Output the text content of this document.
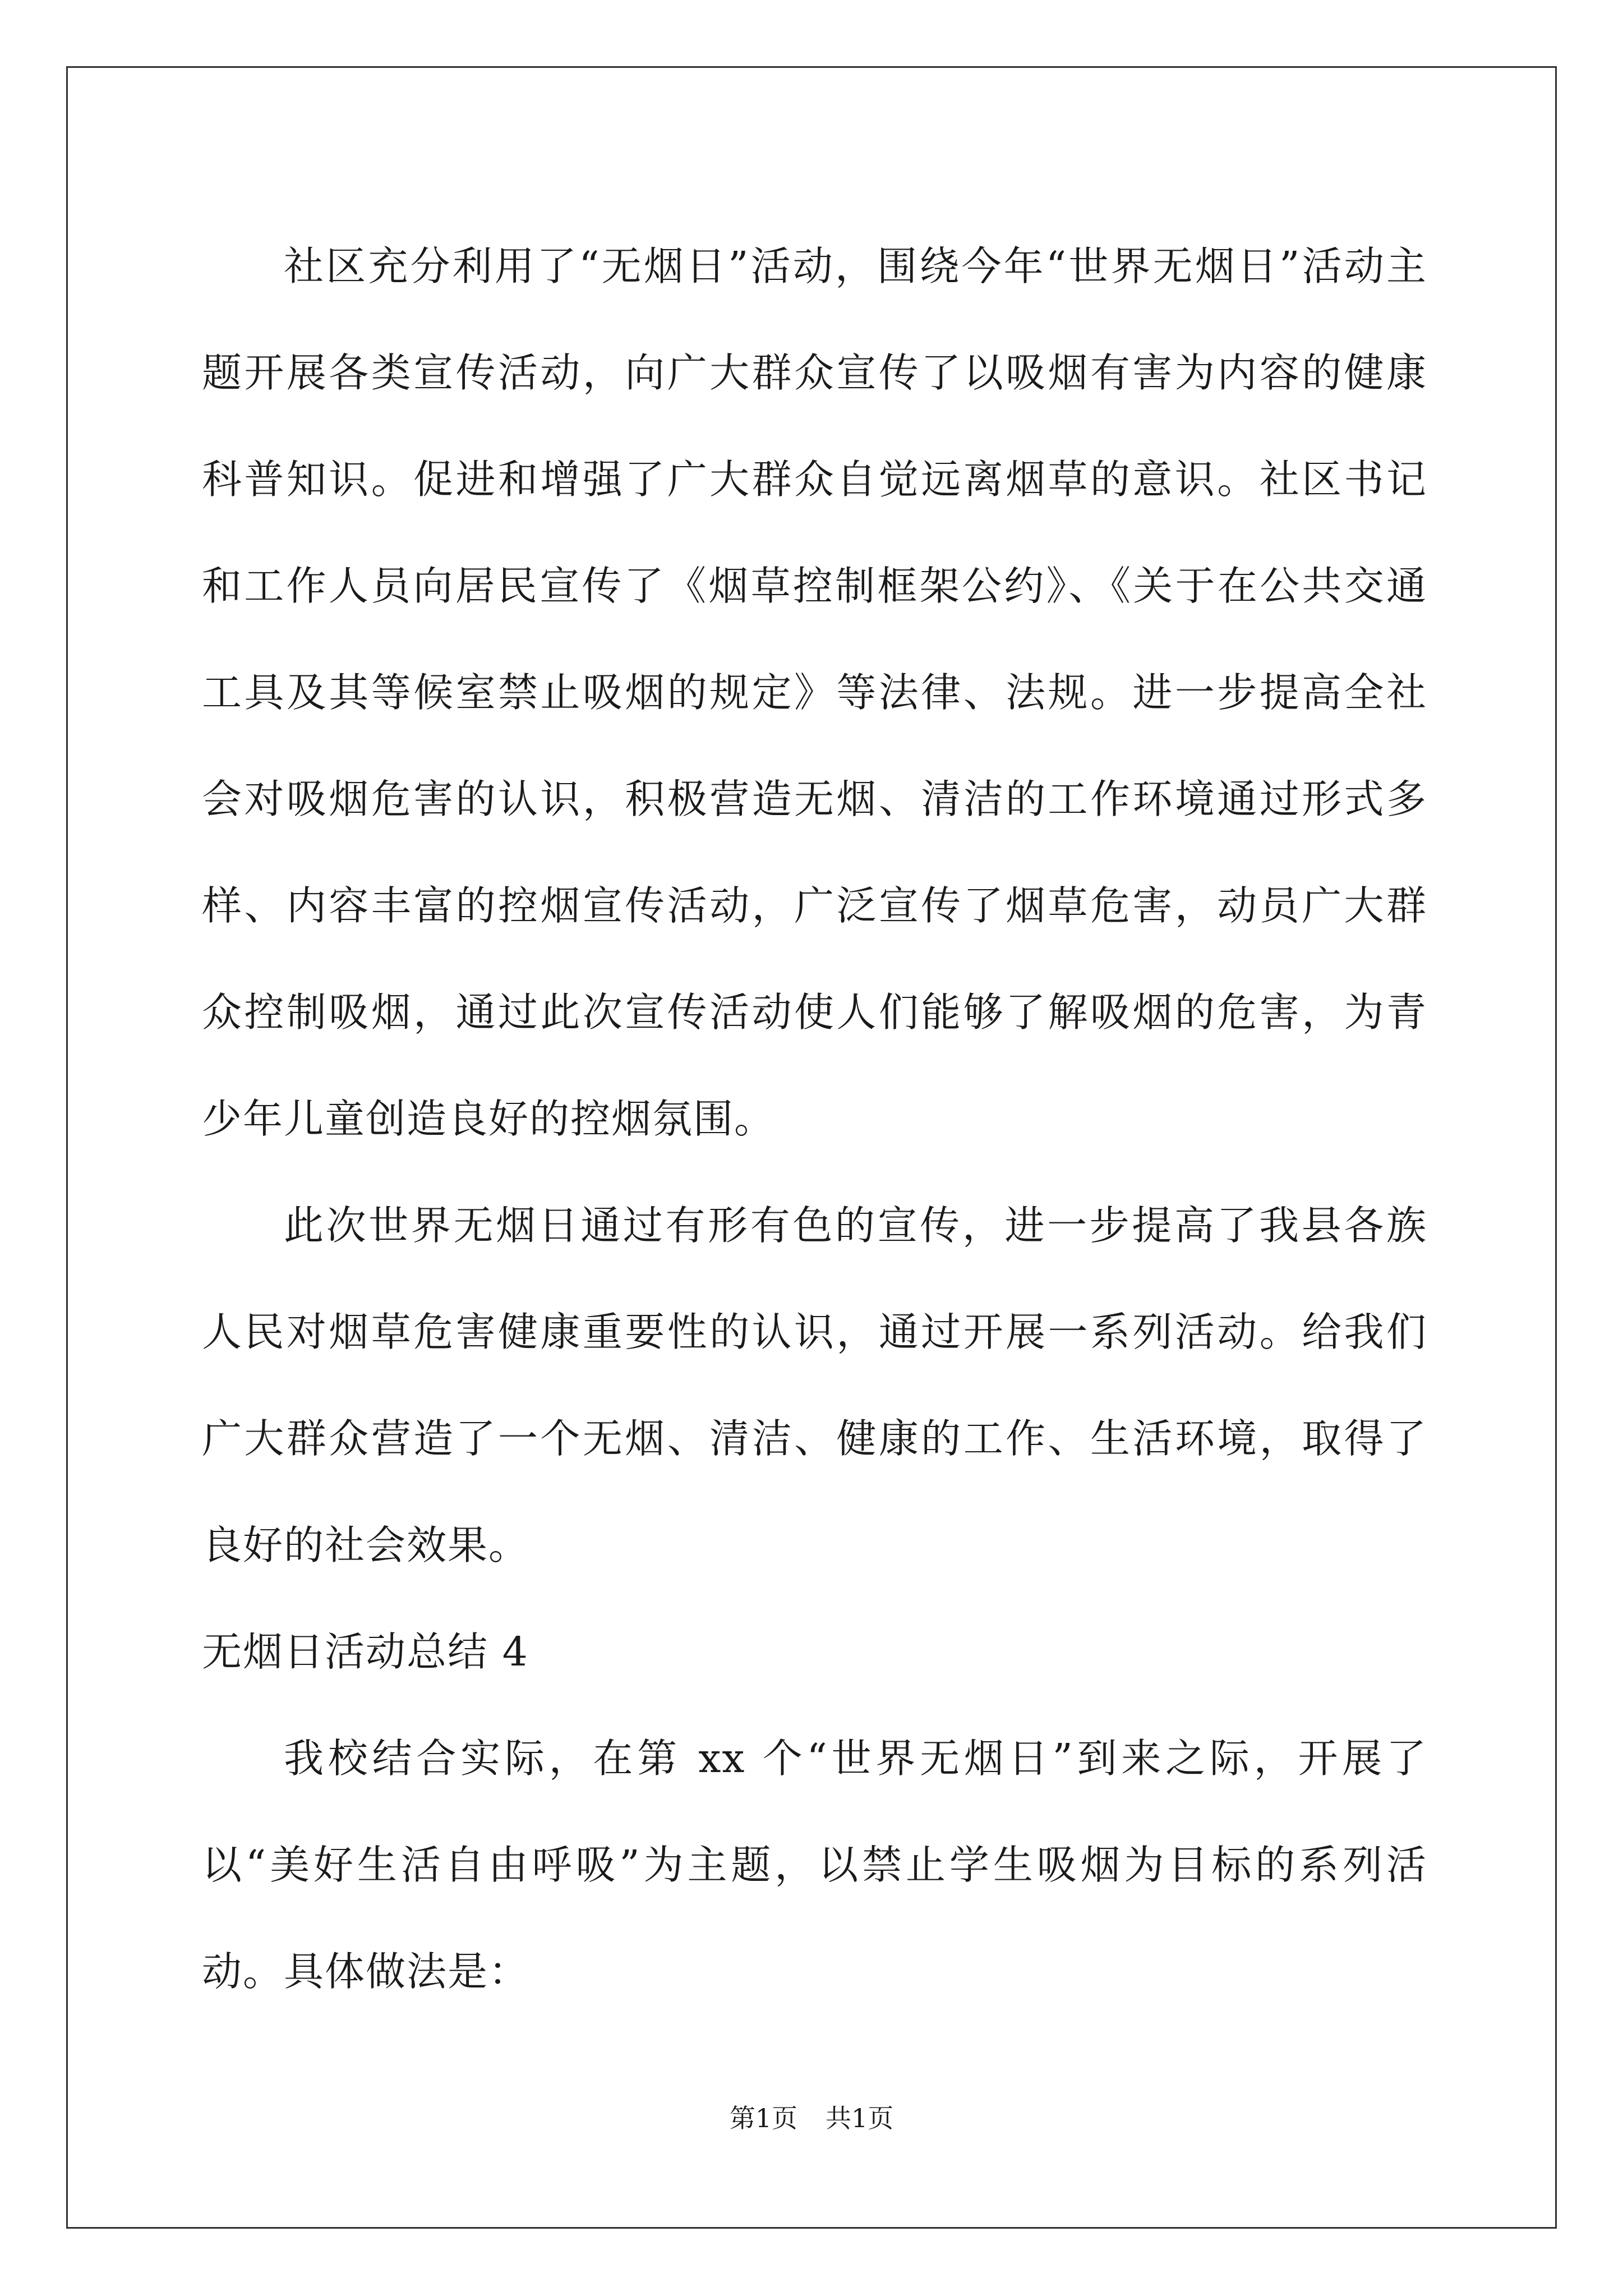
社区充分利用了“无烟日”活动，围绕今年“世界无烟日”活动主题开展各类宣传活动，向广大群众宣传了以吸烟有害为内容的健康科普知识。促进和增强了广大群众自觉远离烟草的意识。社区书记和工作人员向居民宣传了《烟草控制框架公约》、《关于在公共交通工具及其等候室禁止吸烟的规定》等法律、法规。进一步提高全社会对吸烟危害的认识，积极营造无烟、清洁的工作环境通过形式多样、内容丰富的控烟宣传活动，广泛宣传了烟草危害，动员广大群众控制吸烟，通过此次宣传活动使人们能够了解吸烟的危害，为青少年儿童创造良好的控烟氛围。

此次世界无烟日通过有形有色的宣传，进一步提高了我县各族人民对烟草危害健康重要性的认识，通过开展一系列活动。给我们广大群众营造了一个无烟、清洁、健康的工作、生活环境，取得了良好的社会效果。

无烟日活动总结 4

我校结合实际，在第 xx 个“世界无烟日”到来之际，开展了以“美好生活自由呼吸”为主题，以禁止学生吸烟为目标的系列活动。具体做法是：

第1页 共1页
